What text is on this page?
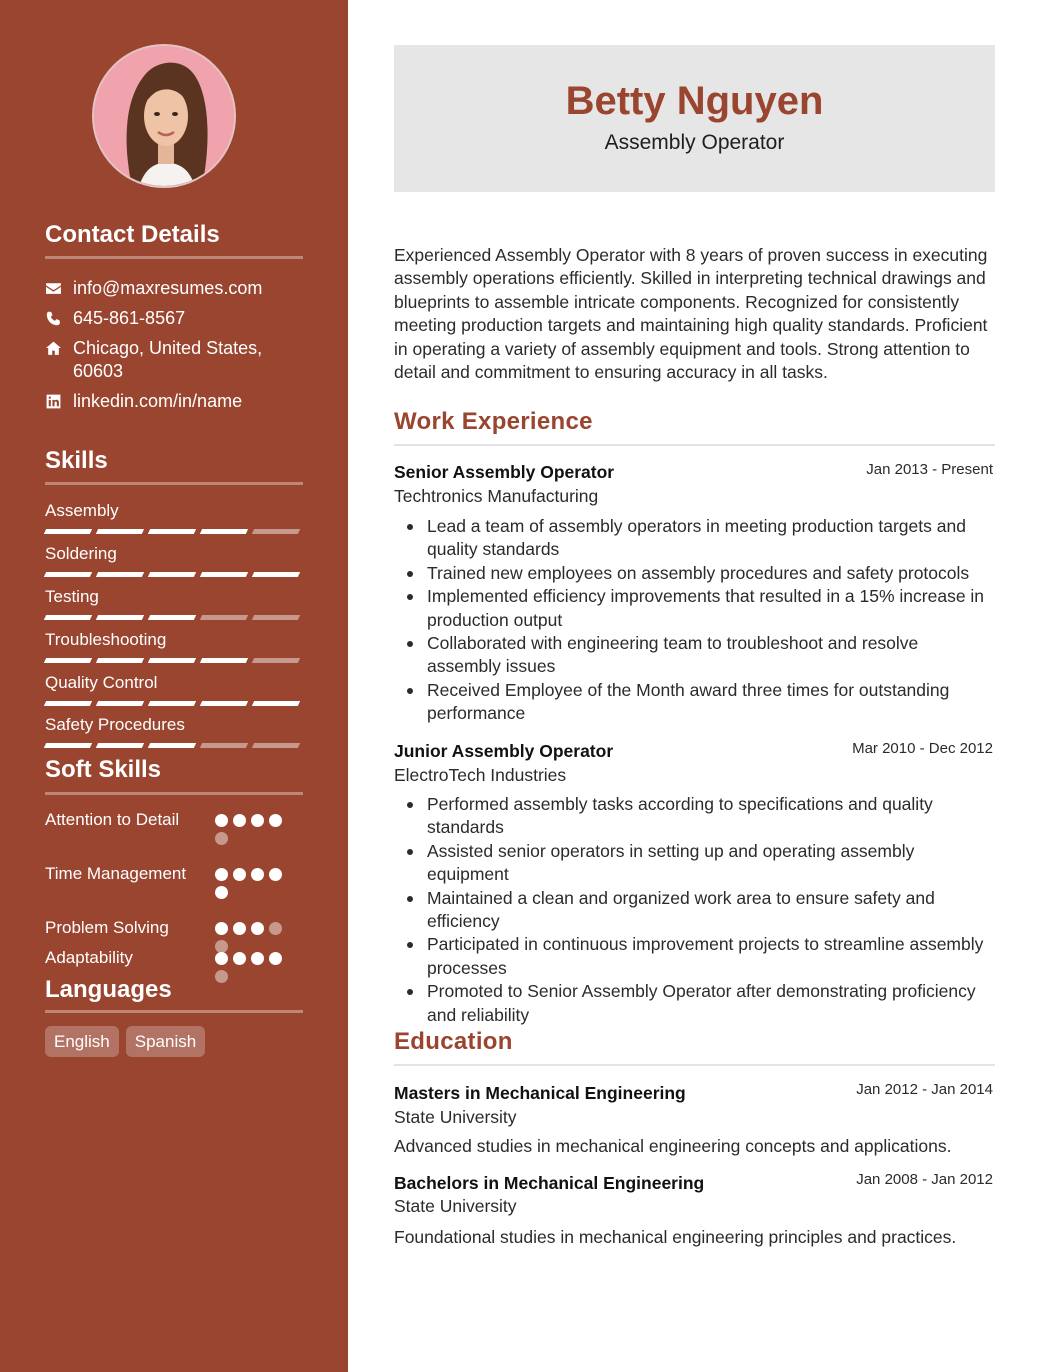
Contact Details
info@maxresumes.com
645-861-8567
Chicago, United States,
60603
linkedin.com/in/name
Skills
Assembly
Soldering
Testing
Troubleshooting
Quality Control
Safety Procedures
Soft Skills
Attention to Detail
Time Management
Problem Solving
Adaptability
Languages
English	Spanish
Betty Nguyen
Assembly Operator
Experienced Assembly Operator with 8 years of proven success in executing assembly operations efficiently. Skilled in interpreting technical drawings and blueprints to assemble intricate components. Recognized for consistently meeting production targets and maintaining high quality standards. Proficient in operating a variety of assembly equipment and tools. Strong attention to detail and commitment to ensuring accuracy in all tasks.
Work Experience
Senior Assembly Operator	Jan 2013 - Present
Techtronics Manufacturing
Lead a team of assembly operators in meeting production targets and quality standards
Trained new employees on assembly procedures and safety protocols
Implemented efficiency improvements that resulted in a 15% increase in production output
Collaborated with engineering team to troubleshoot and resolve assembly issues
Received Employee of the Month award three times for outstanding performance
Junior Assembly Operator	Mar 2010 - Dec 2012
ElectroTech Industries
Performed assembly tasks according to specifications and quality standards
Assisted senior operators in setting up and operating assembly equipment
Maintained a clean and organized work area to ensure safety and efficiency
Participated in continuous improvement projects to streamline assembly processes
Promoted to Senior Assembly Operator after demonstrating proficiency and reliability
Education
Masters in Mechanical Engineering	Jan 2012 - Jan 2014
State University
Advanced studies in mechanical engineering concepts and applications.
Bachelors in Mechanical Engineering	Jan 2008 - Jan 2012
State University
Foundational studies in mechanical engineering principles and practices.
